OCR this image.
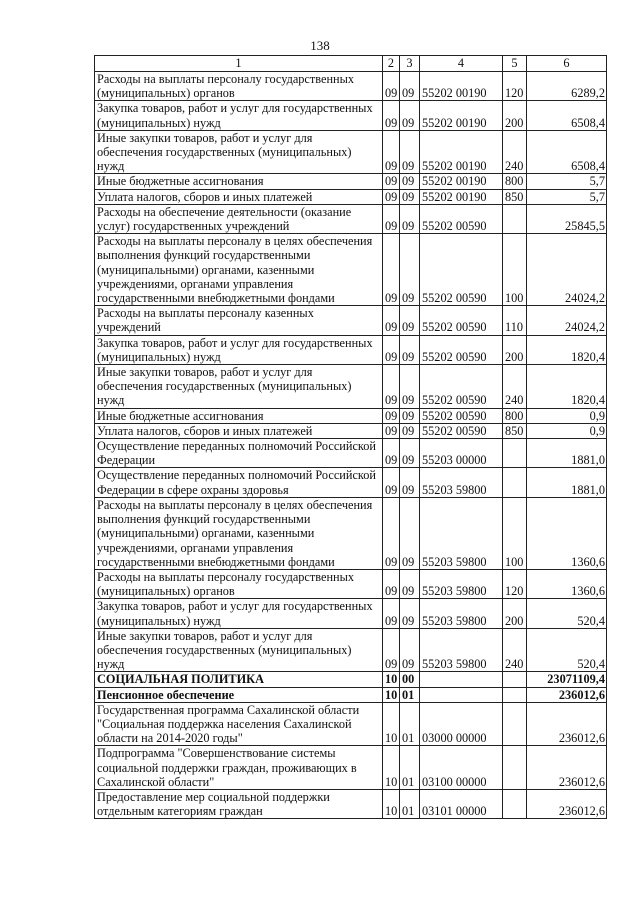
138
1	2	3	4	5	6
Расходы на выплаты персоналу государственных (муниципальных) органов	09	09	55202 00190	120	6289,2
Закупка товаров, работ и услуг для государственных (муниципальных) нужд	09	09	55202 00190	200	6508,4
Иные закупки товаров, работ и услуг для обеспечения государственных (муниципальных) нужд	09	09	55202 00190	240	6508,4
Иные бюджетные ассигнования	09	09	55202 00190	800	5,7
Уплата налогов, сборов и иных платежей	09	09	55202 00190	850	5,7
Расходы на обеспечение деятельности (оказание услуг) государственных учреждений	09	09	55202 00590		25845,5
Расходы на выплаты персоналу в целях обеспечения выполнения функций государственными (муниципальными) органами, казенными учреждениями, органами управления государственными внебюджетными фондами	09	09	55202 00590	100	24024,2
Расходы на выплаты персоналу казенных учреждений	09	09	55202 00590	110	24024,2
Закупка товаров, работ и услуг для государственных (муниципальных) нужд	09	09	55202 00590	200	1820,4
Иные закупки товаров, работ и услуг для обеспечения государственных (муниципальных) нужд	09	09	55202 00590	240	1820,4
Иные бюджетные ассигнования	09	09	55202 00590	800	0,9
Уплата налогов, сборов и иных платежей	09	09	55202 00590	850	0,9
Осуществление переданных полномочий Российской Федерации	09	09	55203 00000		1881,0
Осуществление переданных полномочий Российской Федерации в сфере охраны здоровья	09	09	55203 59800		1881,0
Расходы на выплаты персоналу в целях обеспечения выполнения функций государственными (муниципальными) органами, казенными учреждениями, органами управления государственными внебюджетными фондами	09	09	55203 59800	100	1360,6
Расходы на выплаты персоналу государственных (муниципальных) органов	09	09	55203 59800	120	1360,6
Закупка товаров, работ и услуг для государственных (муниципальных) нужд	09	09	55203 59800	200	520,4
Иные закупки товаров, работ и услуг для обеспечения государственных (муниципальных) нужд	09	09	55203 59800	240	520,4
СОЦИАЛЬНАЯ ПОЛИТИКА	10	00			23071109,4
Пенсионное обеспечение	10	01			236012,6
Государственная программа Сахалинской области "Социальная поддержка населения Сахалинской области на 2014-2020 годы"	10	01	03000 00000		236012,6
Подпрограмма "Совершенствование системы социальной поддержки граждан, проживающих в Сахалинской области"	10	01	03100 00000		236012,6
Предоставление мер социальной поддержки отдельным категориям граждан	10	01	03101 00000		236012,6
